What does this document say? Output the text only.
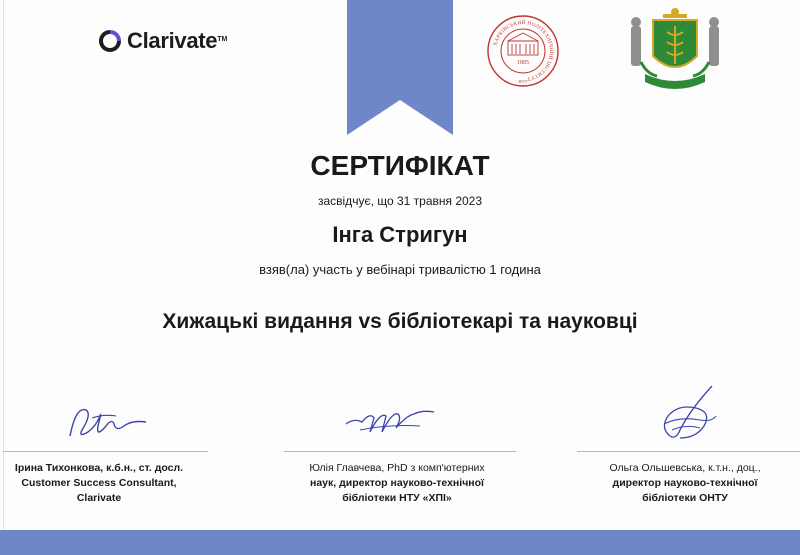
Clarivate TM
ХАРКІВСЬКИЙ ПОЛІТЕХНІЧНИЙ ІНСТИТУТ
1885
НТУ
СЕРТИФІКАТ
засвідчує, що 31 травня 2023
Інга Стригун
взяв(ла) участь у вебінарі тривалістю 1 година
Хижацькі видання vs бібліотекарі та науковці
Ірина Тихонкова, к.б.н., ст. досл.
Customer Success Consultant,
Clarivate
Юлія Главчева, PhD з комп'ютерних
наук, директор науково-технічної
бібліотеки НТУ «ХПІ»
Ольга Ольшевська, к.т.н., доц.,
директор науково-технічної
бібліотеки ОНТУ
